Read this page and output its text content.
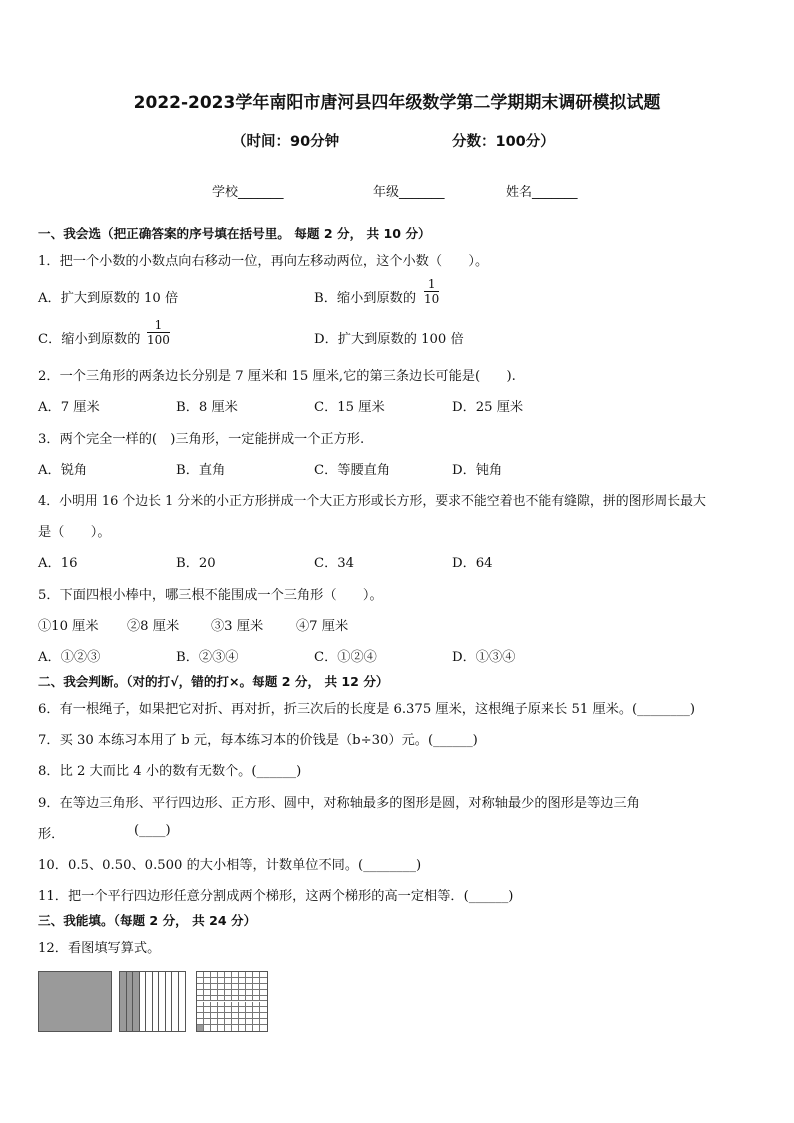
2022-2023学年南阳市唐河县四年级数学第二学期期末调研模拟试题
（时间：90分钟	分数：100分）
学校_______	年级_______	姓名_______
一、我会选（把正确答案的序号填在括号里。 每题 2 分， 共 10 分）
1．把一个小数的小数点向右移动一位，再向左移动两位，这个小数（　　）。
A．扩大到原数的 10 倍	B．缩小到原数的 $\frac{1}{10}$
C．缩小到原数的 $\frac{1}{100}$	D．扩大到原数的 100 倍
2．一个三角形的两条边长分别是 7 厘米和 15 厘米,它的第三条边长可能是(　　).
A．7 厘米	B．8 厘米	C．15 厘米	D．25 厘米
3．两个完全一样的(　)三角形，一定能拼成一个正方形.
A．锐角	B．直角	C．等腰直角	D．钝角
4．小明用 16 个边长 1 分米的小正方形拼成一个大正方形或长方形，要求不能空着也不能有缝隙，拼的图形周长最大
是（　　）。
A．16	B．20	C．34	D．64
5．下面四根小棒中，哪三根不能围成一个三角形（　　）。
①10 厘米 ②8 厘米 ③3 厘米 ④7 厘米
A．①②③	B．②③④	C．①②④	D．①③④
二、我会判断。（对的打√，错的打×。每题 2 分， 共 12 分）
6．有一根绳子，如果把它对折、再对折，折三次后的长度是 6.375 厘米，这根绳子原来长 51 厘米。(________)
7．买 30 本练习本用了 b 元，每本练习本的价钱是（b÷30）元。(______)
8．比 2 大而比 4 小的数有无数个。(______)
9．在等边三角形、平行四边形、正方形、圆中，对称轴最多的图形是圆，对称轴最少的图形是等边三角
形．	(____)
10．0.5、0.50、0.500 的大小相等，计数单位不同。(________)
11．把一个平行四边形任意分割成两个梯形，这两个梯形的高一定相等．(______)
三、我能填。（每题 2 分， 共 24 分）
12．看图填写算式。
